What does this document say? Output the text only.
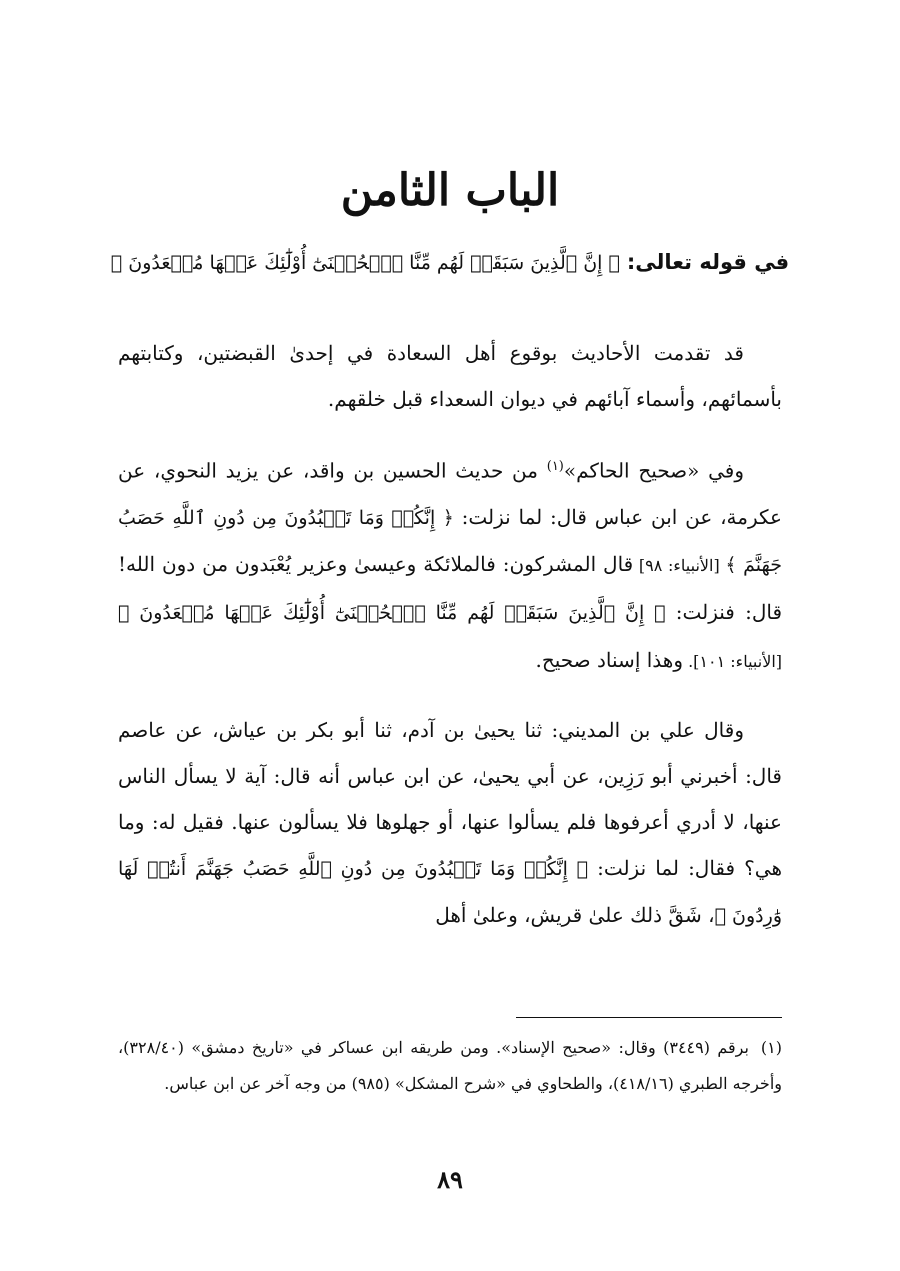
الباب الثامن
في قوله تعالى: ﴿ إِنَّ ٱلَّذِينَ سَبَقَتۡ لَهُم مِّنَّا ٱلۡحُسۡنَىٰٓ أُوْلَٰٓئِكَ عَنۡهَا مُبۡعَدُونَ ﴾

قد تقدمت الأحاديث بوقوع أهل السعادة في إحدىٰ القبضتين، وكتابتهم بأسمائهم، وأسماء آبائهم في ديوان السعداء قبل خلقهم.

وفي «صحيح الحاكم»$^{(١)}$ من حديث الحسين بن واقد، عن يزيد النحوي، عن عكرمة، عن ابن عباس قال: لما نزلت: ﴿ إِنَّكُمۡ وَمَا تَعۡبُدُونَ مِن دُونِ ٱللَّهِ حَصَبُ جَهَنَّمَ ﴾ [الأنبياء: ٩٨] قال المشركون: فالملائكة وعيسىٰ وعزير يُعْبَدون من دون الله! قال: فنزلت: ﴿ إِنَّ ٱلَّذِينَ سَبَقَتۡ لَهُم مِّنَّا ٱلۡحُسۡنَىٰٓ أُوْلَٰٓئِكَ عَنۡهَا مُبۡعَدُونَ ﴾ [الأنبياء: ١٠١]. وهذا إسناد صحيح.

وقال علي بن المديني: ثنا يحيىٰ بن آدم، ثنا أبو بكر بن عياش، عن عاصم قال: أخبرني أبو رَزِين، عن أبي يحيىٰ، عن ابن عباس أنه قال: آية لا يسأل الناس عنها، لا أدري أعرفوها فلم يسألوا عنها، أو جهلوها فلا يسألون عنها. فقيل له: وما هي؟ فقال: لما نزلت: ﴿ إِنَّكُمۡ وَمَا تَعۡبُدُونَ مِن دُونِ ٱللَّهِ حَصَبُ جَهَنَّمَ أَنتُمۡ لَهَا وَٰرِدُونَ ﴾، شَقَّ ذلك علىٰ قريش، وعلىٰ أهل

(١)برقم (٣٤٤٩) وقال: «صحيح الإسناد». ومن طريقه ابن عساكر في «تاريخ دمشق» (٣٢٨/٤٠)، وأخرجه الطبري (٤١٨/١٦)، والطحاوي في «شرح المشكل» (٩٨٥) من وجه آخر عن ابن عباس.
٨٩
